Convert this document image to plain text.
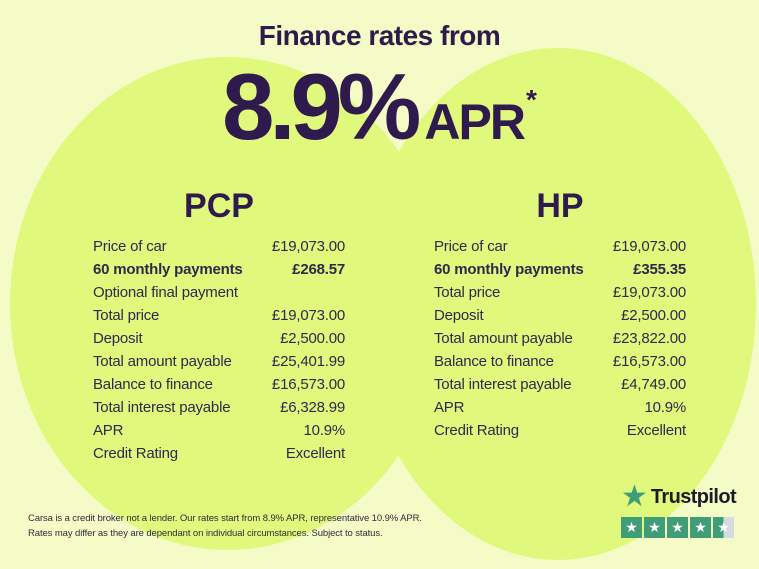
Finance rates from
8.9% APR *
PCP
Price of car	£19,073.00
60 monthly payments	£268.57
Optional final payment
Total price	£19,073.00
Deposit	£2,500.00
Total amount payable	£25,401.99
Balance to finance	£16,573.00
Total interest payable	£6,328.99
APR	10.9%
Credit Rating	Excellent
HP
Price of car	£19,073.00
60 monthly payments	£355.35
Total price	£19,073.00
Deposit	£2,500.00
Total amount payable	£23,822.00
Balance to finance	£16,573.00
Total interest payable	£4,749.00
APR	10.9%
Credit Rating	Excellent

Carsa is a credit broker not a lender. Our rates start from 8.9% APR, representative 10.9% APR.
Rates may differ as they are dependant on individual circumstances. Subject to status.

★ Trustpilot
★ ★ ★ ★ ★
